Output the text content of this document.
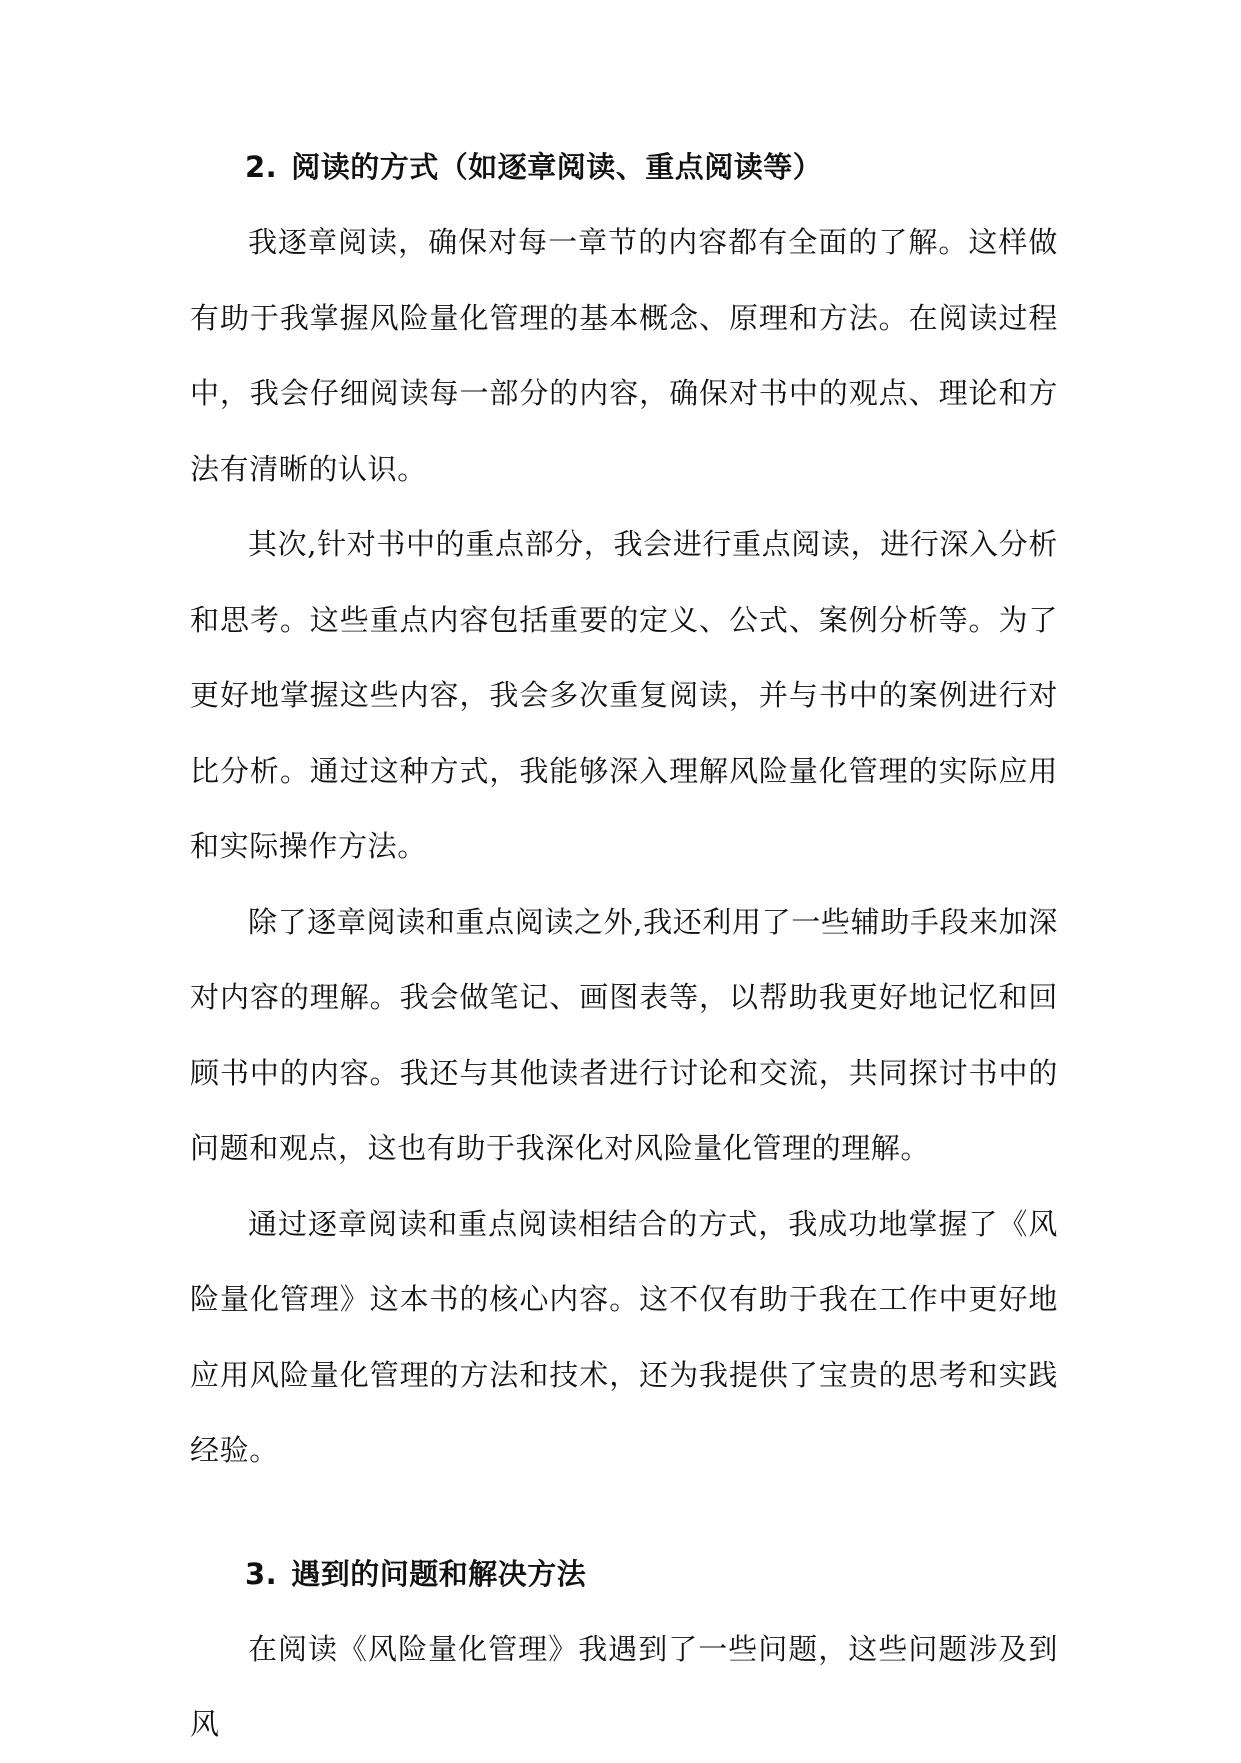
2. 阅读的方式（如逐章阅读、重点阅读等）

我逐章阅读，确保对每一章节的内容都有全面的了解。这样做有助于我掌握风险量化管理的基本概念、原理和方法。在阅读过程中，我会仔细阅读每一部分的内容，确保对书中的观点、理论和方法有清晰的认识。

其次,针对书中的重点部分，我会进行重点阅读，进行深入分析和思考。这些重点内容包括重要的定义、公式、案例分析等。为了更好地掌握这些内容，我会多次重复阅读，并与书中的案例进行对比分析。通过这种方式，我能够深入理解风险量化管理的实际应用和实际操作方法。

除了逐章阅读和重点阅读之外,我还利用了一些辅助手段来加深对内容的理解。我会做笔记、画图表等，以帮助我更好地记忆和回顾书中的内容。我还与其他读者进行讨论和交流，共同探讨书中的问题和观点，这也有助于我深化对风险量化管理的理解。

通过逐章阅读和重点阅读相结合的方式，我成功地掌握了《风险量化管理》这本书的核心内容。这不仅有助于我在工作中更好地应用风险量化管理的方法和技术，还为我提供了宝贵的思考和实践经验。

3. 遇到的问题和解决方法

在阅读《风险量化管理》我遇到了一些问题，这些问题涉及到风
